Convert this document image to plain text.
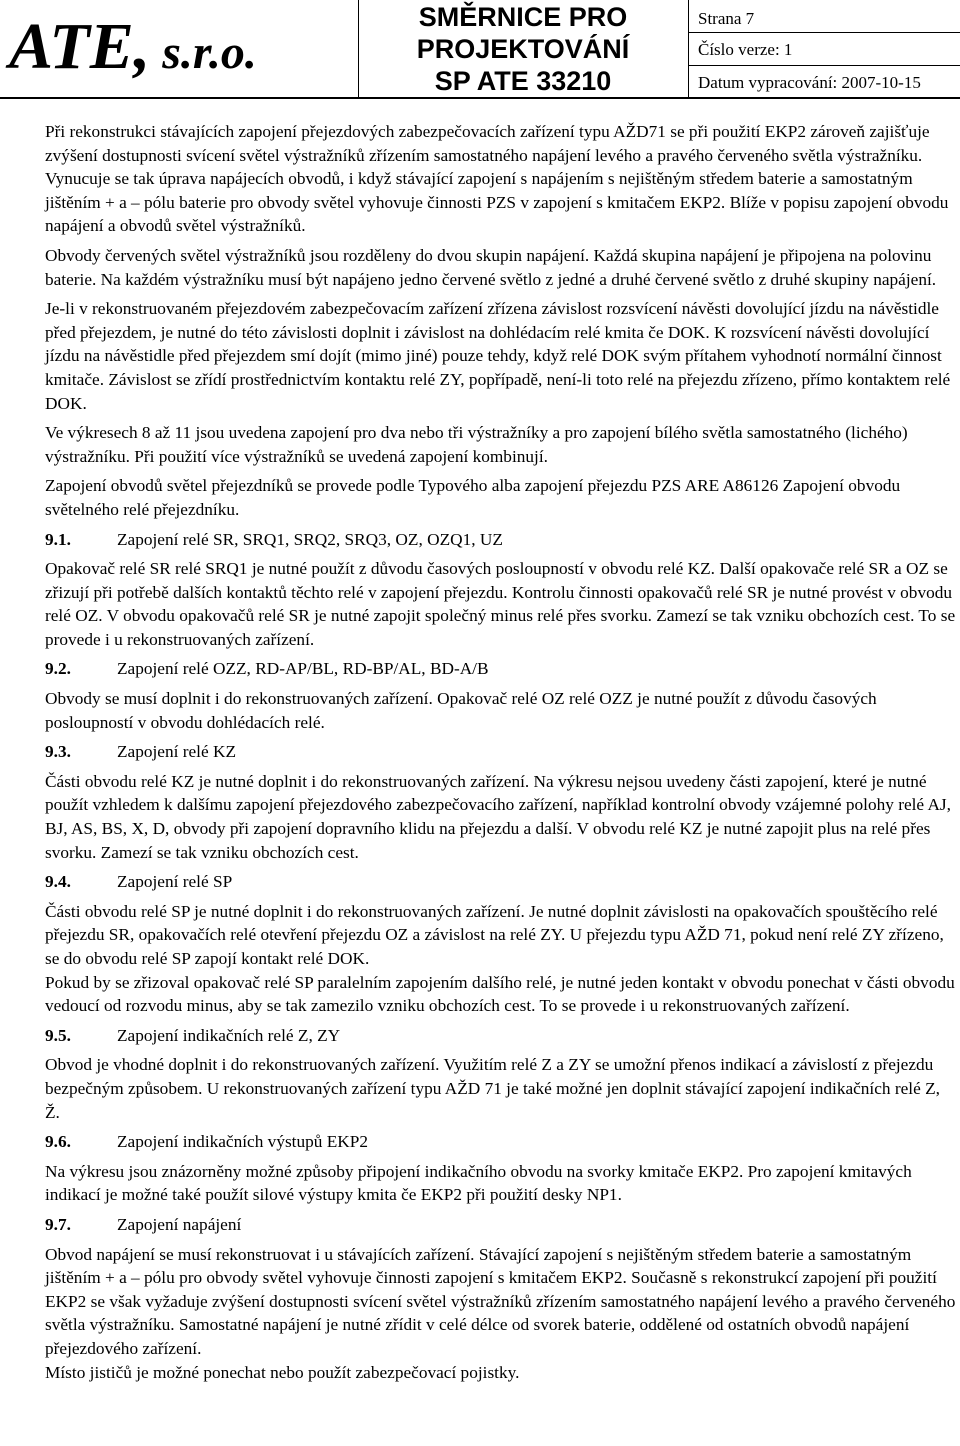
ATE, s.r.o.
SMĚRNICE PRO
PROJEKTOVÁNÍ
SP ATE 33210
Strana 7
Číslo verze: 1
Datum vypracování: 2007-10-15

Při rekonstrukci stávajících zapojení přejezdových zabezpečovacích zařízení typu AŽD71 se při použití EKP2 zároveň zajišťuje zvýšení dostupnosti svícení světel výstražníků zřízením samostatného napájení levého a pravého červeného světla výstražníku. Vynucuje se tak úprava napájecích obvodů, i když stávající zapojení s napájením s nejištěným středem baterie a samostatným jištěním + a – pólu baterie pro obvody světel vyhovuje činnosti PZS v zapojení s kmitačem EKP2. Blíže v popisu zapojení obvodu napájení a obvodů světel výstražníků.

Obvody červených světel výstražníků jsou rozděleny do dvou skupin napájení. Každá skupina napájení je připojena na polovinu baterie. Na každém výstražníku musí být napájeno jedno červené světlo z jedné a druhé červené světlo z druhé skupiny napájení.

Je-li v rekonstruovaném přejezdovém zabezpečovacím zařízení zřízena závislost rozsvícení návěsti dovolující jízdu na návěstidle před přejezdem, je nutné do této závislosti doplnit i závislost na dohlédacím relé kmita če DOK. K rozsvícení návěsti dovolující jízdu na návěstidle před přejezdem smí dojít (mimo jiné) pouze tehdy, když relé DOK svým přítahem vyhodnotí normální činnost kmitače. Závislost se zřídí prostřednictvím kontaktu relé ZY, popřípadě, není-li toto relé na přejezdu zřízeno, přímo kontaktem relé DOK.

Ve výkresech 8 až 11 jsou uvedena zapojení pro dva nebo tři výstražníky a pro zapojení bílého světla samostatného (lichého) výstražníku. Při použití více výstražníků se uvedená zapojení kombinují.

Zapojení obvodů světel přejezdníků se provede podle Typového alba zapojení přejezdu PZS ARE A86126 Zapojení obvodu světelného relé přejezdníku.

9.1.	Zapojení relé SR, SRQ1, SRQ2, SRQ3, OZ, OZQ1, UZ

Opakovač relé SR relé SRQ1 je nutné použít z důvodu časových posloupností v obvodu relé KZ. Další opakovače relé SR a OZ se zřizují při potřebě dalších kontaktů těchto relé v zapojení přejezdu. Kontrolu činnosti opakovačů relé SR je nutné provést v obvodu relé OZ. V obvodu opakovačů relé SR je nutné zapojit společný minus relé přes svorku. Zamezí se tak vzniku obchozích cest. To se provede i u rekonstruovaných zařízení.

9.2.	Zapojení relé OZZ, RD-AP/BL, RD-BP/AL, BD-A/B

Obvody se musí doplnit i do rekonstruovaných zařízení. Opakovač relé OZ relé OZZ je nutné použít z důvodu časových posloupností v obvodu dohlédacích relé.

9.3.	Zapojení relé KZ

Části obvodu relé KZ je nutné doplnit i do rekonstruovaných zařízení. Na výkresu nejsou uvedeny části zapojení, které je nutné použít vzhledem k dalšímu zapojení přejezdového zabezpečovacího zařízení, například kontrolní obvody vzájemné polohy relé AJ, BJ, AS, BS, X, D, obvody při zapojení dopravního klidu na přejezdu a další. V obvodu relé KZ je nutné zapojit plus na relé přes svorku. Zamezí se tak vzniku obchozích cest.

9.4.	Zapojení relé SP

Části obvodu relé SP je nutné doplnit i do rekonstruovaných zařízení. Je nutné doplnit závislosti na opakovačích spouštěcího relé přejezdu SR, opakovačích relé otevření přejezdu OZ a závislost na relé ZY. U přejezdu typu AŽD 71, pokud není relé ZY zřízeno, se do obvodu relé SP zapojí kontakt relé DOK.

Pokud by se zřizoval opakovač relé SP paralelním zapojením dalšího relé, je nutné jeden kontakt v obvodu ponechat v části obvodu vedoucí od rozvodu minus, aby se tak zamezilo vzniku obchozích cest. To se provede i u rekonstruovaných zařízení.

9.5.	Zapojení indikačních relé Z, ZY

Obvod je vhodné doplnit i do rekonstruovaných zařízení. Využitím relé Z a ZY se umožní přenos indikací a závislostí z přejezdu bezpečným způsobem. U rekonstruovaných zařízení typu AŽD 71 je také možné jen doplnit stávající zapojení indikačních relé Z, Ž.

9.6.	Zapojení indikačních výstupů EKP2

Na výkresu jsou znázorněny možné způsoby připojení indikačního obvodu na svorky kmitače EKP2. Pro zapojení kmitavých indikací je možné také použít silové výstupy kmita če EKP2 při použití desky NP1.

9.7.	Zapojení napájení

Obvod napájení se musí rekonstruovat i u stávajících zařízení. Stávající zapojení s nejištěným středem baterie a samostatným jištěním + a – pólu pro obvody světel vyhovuje činnosti zapojení s kmitačem EKP2. Současně s rekonstrukcí zapojení při použití EKP2 se však vyžaduje zvýšení dostupnosti svícení světel výstražníků zřízením samostatného napájení levého a pravého červeného světla výstražníku. Samostatné napájení je nutné zřídit v celé délce od svorek baterie, oddělené od ostatních obvodů napájení přejezdového zařízení.

Místo jističů je možné ponechat nebo použít zabezpečovací pojistky.
